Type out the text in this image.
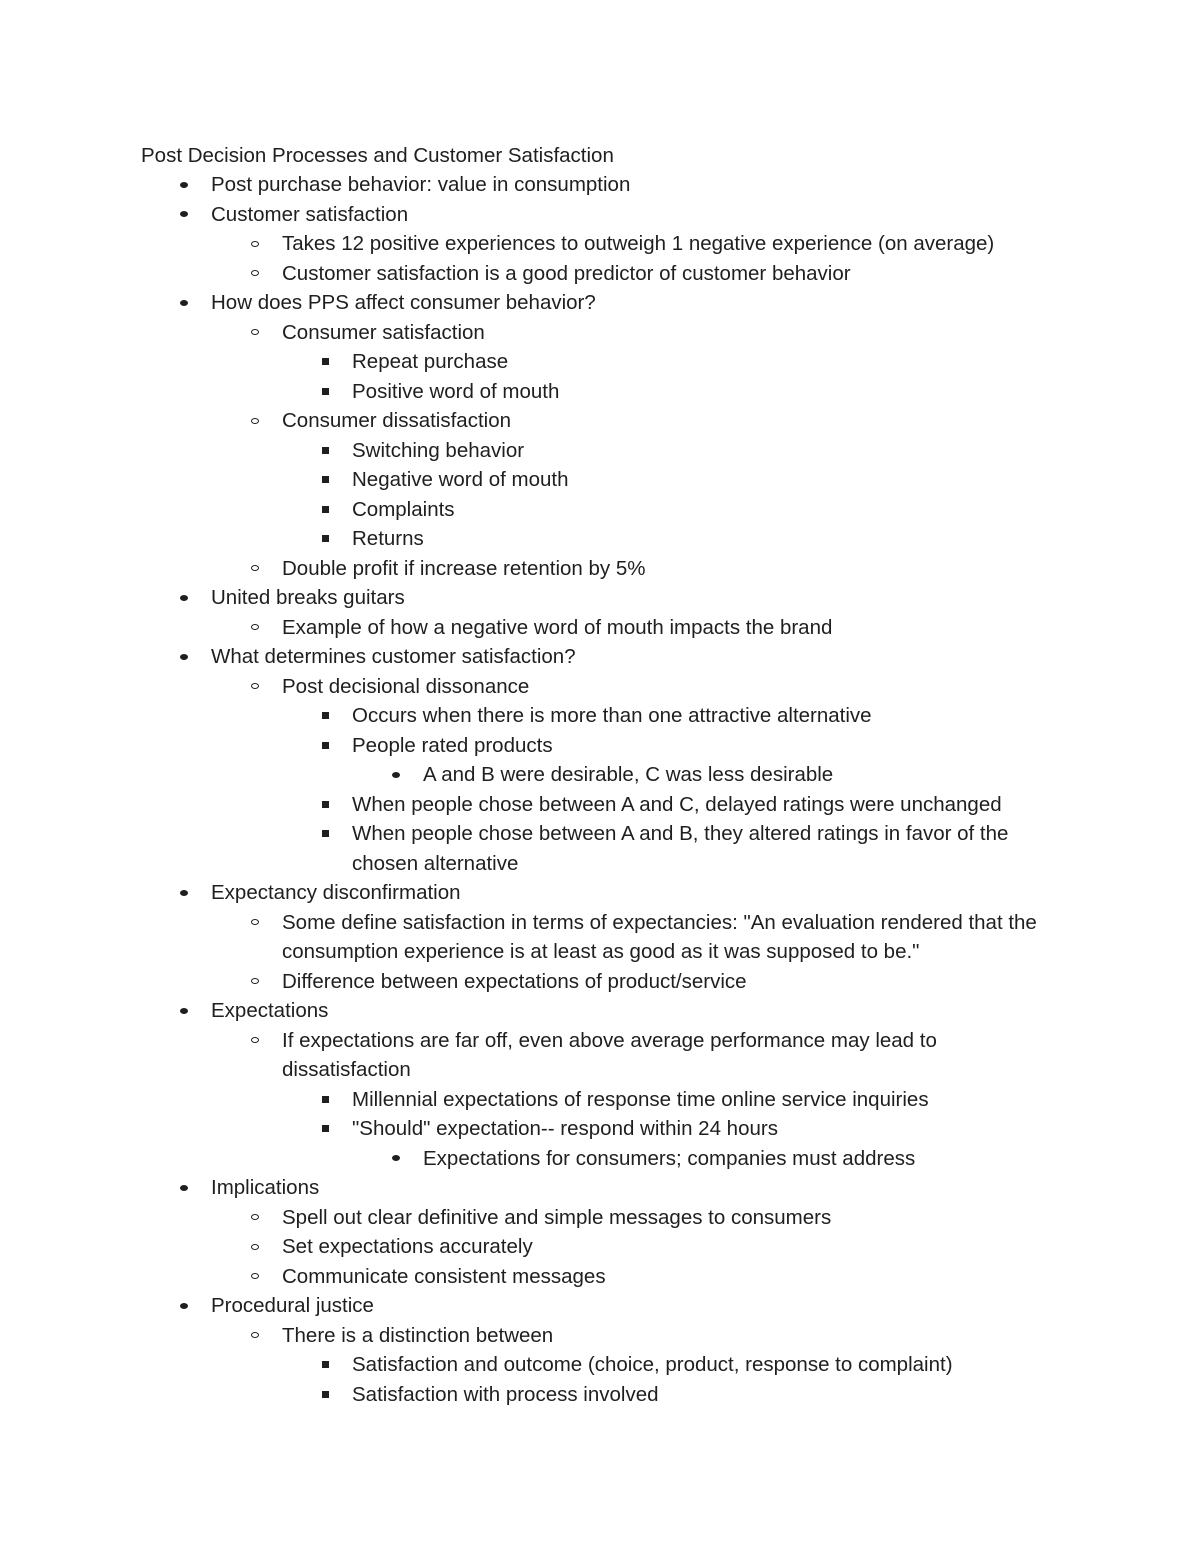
Post Decision Processes and Customer Satisfaction
Post purchase behavior: value in consumption
Customer satisfaction
Takes 12 positive experiences to outweigh 1 negative experience (on average)
Customer satisfaction is a good predictor of customer behavior
How does PPS affect consumer behavior?
Consumer satisfaction
Repeat purchase
Positive word of mouth
Consumer dissatisfaction
Switching behavior
Negative word of mouth
Complaints
Returns
Double profit if increase retention by 5%
United breaks guitars
Example of how a negative word of mouth impacts the brand
What determines customer satisfaction?
Post decisional dissonance
Occurs when there is more than one attractive alternative
People rated products
A and B were desirable, C was less desirable
When people chose between A and C, delayed ratings were unchanged
When people chose between A and B, they altered ratings in favor of the chosen alternative
Expectancy disconfirmation
Some define satisfaction in terms of expectancies: "An evaluation rendered that the consumption experience is at least as good as it was supposed to be."
Difference between expectations of product/service
Expectations
If expectations are far off, even above average performance may lead to dissatisfaction
Millennial expectations of response time online service inquiries
"Should" expectation-- respond within 24 hours
Expectations for consumers; companies must address
Implications
Spell out clear definitive and simple messages to consumers
Set expectations accurately
Communicate consistent messages
Procedural justice
There is a distinction between
Satisfaction and outcome (choice, product, response to complaint)
Satisfaction with process involved
